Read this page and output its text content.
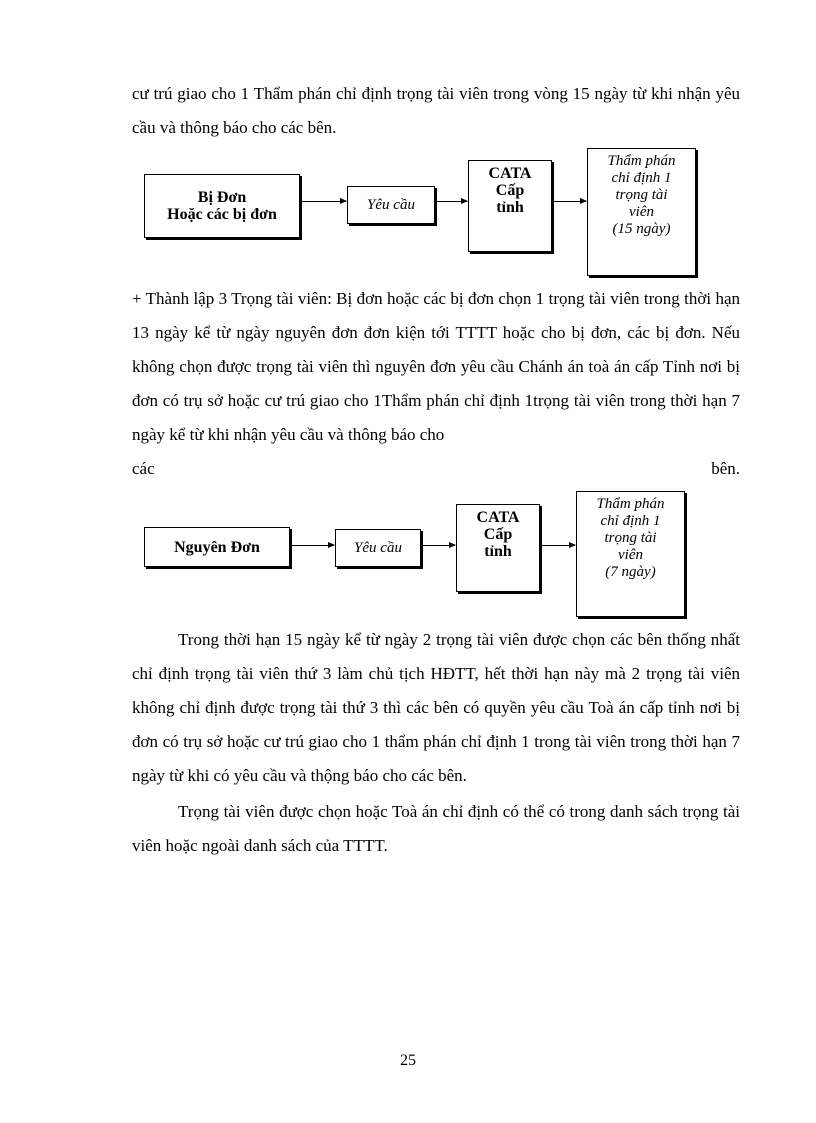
cư trú giao cho 1 Thẩm phán chỉ định trọng tài viên trong vòng 15 ngày từ khi nhận yêu cầu và thông báo cho các bên.

Bị Đơn
Hoặc các bị đơn
Yêu cầu
CATA
Cấp
tỉnh
Thẩm phán
chỉ định 1
trọng tài
viên
(15 ngày)

+ Thành lập 3 Trọng tài viên: Bị đơn hoặc các bị đơn chọn 1 trọng tài viên trong thời hạn 13 ngày kể từ ngày nguyên đơn đơn kiện tới TTTT hoặc cho bị đơn, các bị đơn. Nếu không chọn được trọng tài viên thì nguyên đơn yêu cầu Chánh án toà án cấp Tỉnh nơi bị đơn có trụ sở hoặc cư trú giao cho 1Thẩm phán chỉ định 1trọng tài viên trong thời hạn 7 ngày kể từ khi nhận yêu cầu và thông báo cho

các	bên.
Nguyên Đơn	Yêu cầu
CATA
Cấp
tỉnh
Thẩm phán
chỉ định 1
trọng tài
viên
(7 ngày)

Trong thời hạn 15 ngày kể từ ngày 2 trọng tài viên được chọn các bên thống nhất chỉ định trọng tài viên thứ 3 làm chủ tịch HĐTT, hết thời hạn này mà 2 trọng tài viên không chỉ định được trọng tài thứ 3 thì các bên có quyền yêu cầu Toà án cấp tỉnh nơi bị đơn có trụ sở hoặc cư trú giao cho 1 thẩm phán chỉ định 1 trong tài viên trong thời hạn 7 ngày từ khi có yêu cầu và thộng báo cho các bên.

Trọng tài viên được chọn hoặc Toà án chỉ định có thể có trong danh sách trọng tài viên hoặc ngoài danh sách của TTTT.

25
